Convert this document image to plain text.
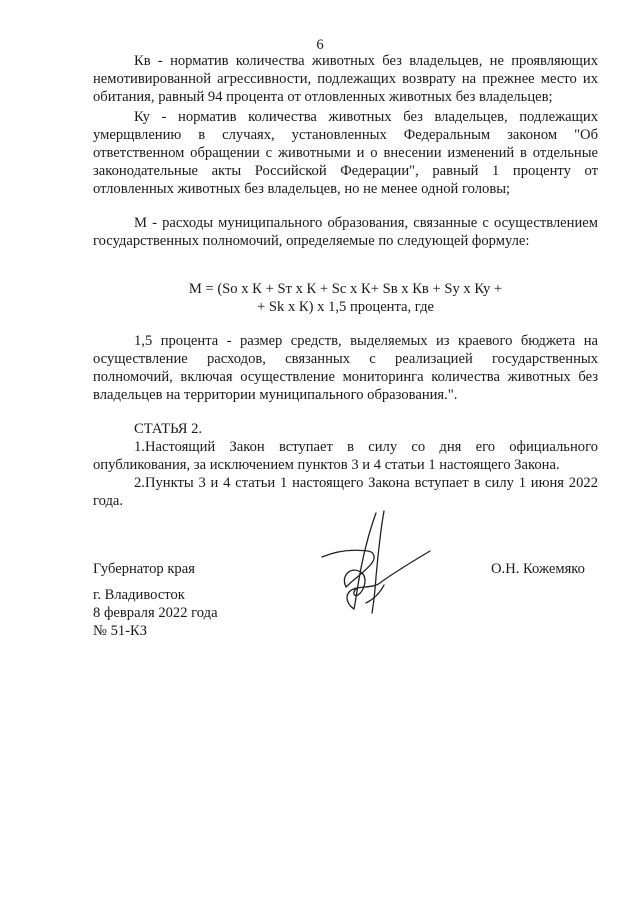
6

Кв - норматив количества животных без владельцев, не проявляющих немотивированной агрессивности, подлежащих возврату на прежнее место их обитания, равный 94 процента от отловленных животных без владельцев;

Ку - норматив количества животных без владельцев, подлежащих умерщвлению в случаях, установленных Федеральным законом "Об ответственном обращении с животными и о внесении изменений в отдельные законодательные акты Российской Федерации", равный 1 проценту от отловленных животных без владельцев, но не менее одной головы;

М - расходы муниципального образования, связанные с осуществлением государственных полномочий, определяемые по следующей формуле:

М = (So x К + Sт x К + Sc x К+ Sв x Кв + Sy x Ку +

+ Sk x К) x 1,5 процента, где

1,5 процента - размер средств, выделяемых из краевого бюджета на осуществление расходов, связанных с реализацией государственных полномочий, включая осуществление мониторинга количества животных без владельцев на территории муниципального образования.".

СТАТЬЯ 2.

1.Настоящий Закон вступает в силу со дня его официального опубликования, за исключением пунктов 3 и 4 статьи 1 настоящего Закона.

2.Пункты 3 и 4 статьи 1 настоящего Закона вступает в силу 1 июня 2022 года.

Губернатор края	О.Н. Кожемяко

г. Владивосток

8 февраля 2022 года

№ 51-КЗ
